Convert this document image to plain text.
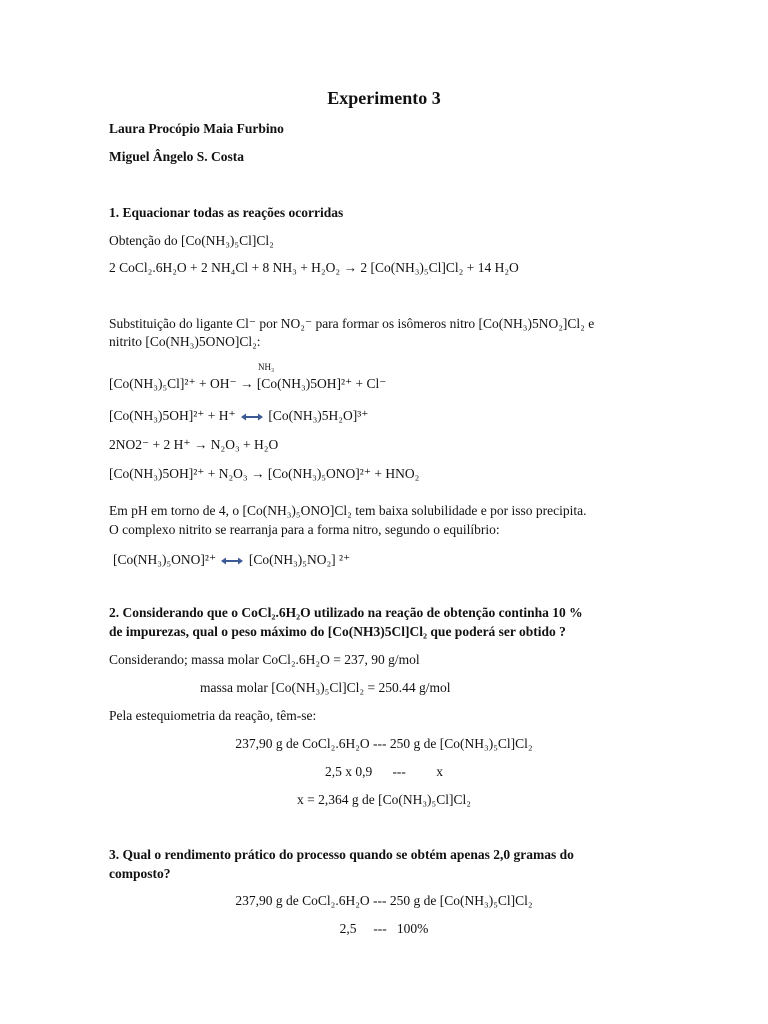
Experimento 3
Laura Procópio Maia Furbino
Miguel Ângelo S. Costa
1. Equacionar todas as reações ocorridas
Obtenção do [Co(NH₃)₅Cl]Cl₂
2 CoCl₂.6H₂O + 2 NH₄Cl + 8 NH₃ + H₂O₂ → 2 [Co(NH₃)₅Cl]Cl₂ + 14 H₂O
Substituição do ligante Cl⁻ por NO₂⁻ para formar os isômeros nitro [Co(NH₃)5NO₂]Cl₂ e
nitrito [Co(NH₃)5ONO]Cl₂:
NH₃
[Co(NH₃)₅Cl]²⁺ + OH⁻ → [Co(NH₃)5OH]²⁺ + Cl⁻
[Co(NH₃)5OH]²⁺ + H⁺ [Co(NH₃)5H₂O]³⁺
2NO2⁻ + 2 H⁺ → N₂O₃ + H₂O
[Co(NH₃)5OH]²⁺ + N₂O₃ → [Co(NH₃)₅ONO]²⁺ + HNO₂
Em pH em torno de 4, o [Co(NH₃)₅ONO]Cl₂ tem baixa solubilidade e por isso precipita.
O complexo nitrito se rearranja para a forma nitro, segundo o equilíbrio:
[Co(NH₃)₅ONO]²⁺ [Co(NH₃)₅NO₂] ²⁺
2. Considerando que o CoCl₂.6H₂O utilizado na reação de obtenção continha 10 %
de impurezas, qual o peso máximo do [Co(NH3)5Cl]Cl₂ que poderá ser obtido ?
Considerando; massa molar CoCl₂.6H₂O = 237, 90 g/mol
massa molar [Co(NH₃)₅Cl]Cl₂ = 250.44 g/mol
Pela estequiometria da reação, têm-se:
237,90 g de CoCl₂.6H₂O --- 250 g de [Co(NH₃)₅Cl]Cl₂
2,5 x 0,9      ---         x
x = 2,364 g de [Co(NH₃)₅Cl]Cl₂
3. Qual o rendimento prático do processo quando se obtém apenas 2,0 gramas do
composto?
237,90 g de CoCl₂.6H₂O --- 250 g de [Co(NH₃)₅Cl]Cl₂
2,5     ---   100%
